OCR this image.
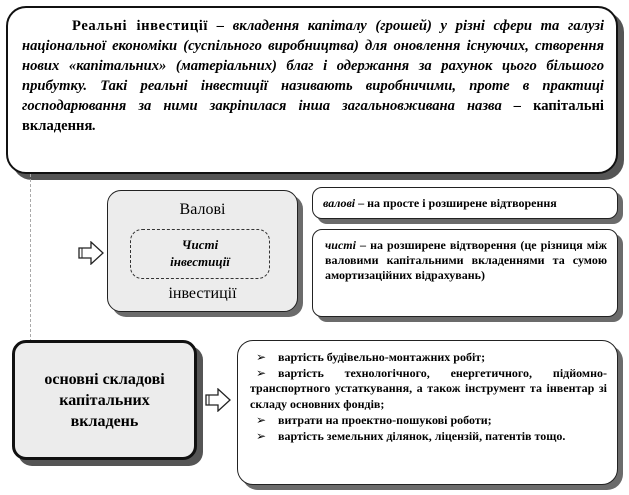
Реальні інвестиції – вкладення капіталу (грошей) у різні сфери та галузі національної економіки (суспільного виробництва) для оновлення існуючих, створення нових «капітальних» (матеріальних) благ і одержання за рахунок цього більшого прибутку. Такі реальні інвестиції називають виробничими, проте в практиці господарювання за ними закріпилася інша загальновживана назва – капітальні вкладення.
Валові
Чисті
інвестиції
інвестиції
валові – на просте і розширене відтворення
чисті – на розширене відтворення (це різниця між валовими капітальними вкладеннями та сумою амортизаційних відрахувань)
основні складові
капітальних
вкладень
➢ вартість будівельно-монтажних робіт;
➢ вартість технологічного, енергетичного, підйомно-транспортного устаткування, а також інструмент та інвентар зі складу основних фондів;
➢ витрати на проектно-пошукові роботи;
➢ вартість земельних ділянок, ліцензій, патентів тощо.
